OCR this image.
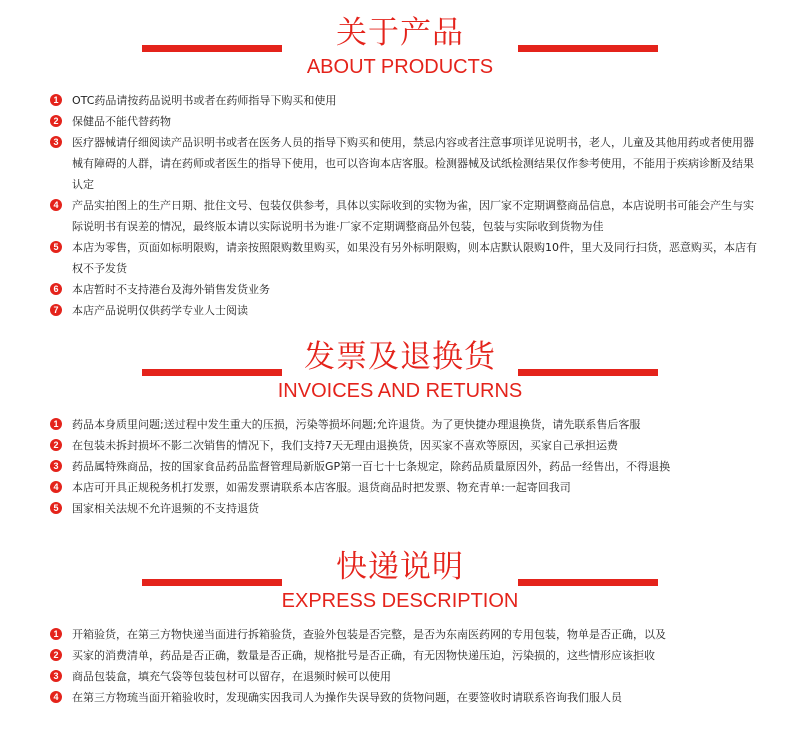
关于产品
ABOUT PRODUCTS
1	OTC药品请按药品说明书或者在药师指导下购买和使用
2	保健品不能代替药物
3	医疗器械请仔细阅读产品识明书或者在医务人员的指导下购买和使用，禁忌内容或者注意事项详见说明书，老人，儿童及其他用药或者使用器械有障碍的人群，请在药师或者医生的指导下使用，也可以咨询本店客服。检测器械及试纸检测结果仅作参考使用，不能用于疾病诊断及结果认定
4	产品实拍图上的生产日期、批住文号、包装仅供参考，具体以实际收到的实物为雀，因厂家不定期调整商品信息，本店说明书可能会产生与实际说明书有误差的情况，最终版本请以实际说明书为谁·厂家不定期调整商品外包装，包装与实际收到货物为佳
5	本店为零售，页面如标明限购，请亲按照限购数里购买，如果没有另外标明限购，则本店默认限购10件，里大及同行扫货，恶意购买，本店有权不予发货
6	本店暂时不支持港台及海外销售发货业务
7	本店产品说明仅供药学专业人士阅读
发票及退换货
INVOICES AND RETURNS
1	药品本身质里问题;送过程中发生重大的压损，污染等损坏问题;允许退货。为了更快捷办理退换货，请先联系售后客服
2	在包装未拆封损坏不影二次销售的情况下，我们支持7天无理由退换货，因买家不喜欢等原因，买家自己承担运费
3	药品属特殊商品，按的国家食品药品监督管理局新版GP第一百七十七条规定，除药品质量原因外，药品一经售出，不得退换
4	本店可开具正规税务机打发票，如需发票请联系本店客服。退货商品时把发票、物充青单:一起寄回我司
5	国家相关法规不允许退频的不支持退货
快递说明
EXPRESS DESCRIPTION
1	开箱验货，在第三方物快递当面进行拆箱验货，查验外包装是否完整，是否为东南医药网的专用包装，物单是否正确，以及
2	买家的消费清单，药品是否正确，数量是否正确，规格批号是否正确，有无因物快递压迫，污染损的，这些情形应该拒收
3	商品包装盒，填充气袋等包装包材可以留存，在退频时候可以使用
4	在第三方物琉当面开箱验收时，发现确实因我司人为操作失误导致的货物问题，在要签收时请联系咨询我们服人员
